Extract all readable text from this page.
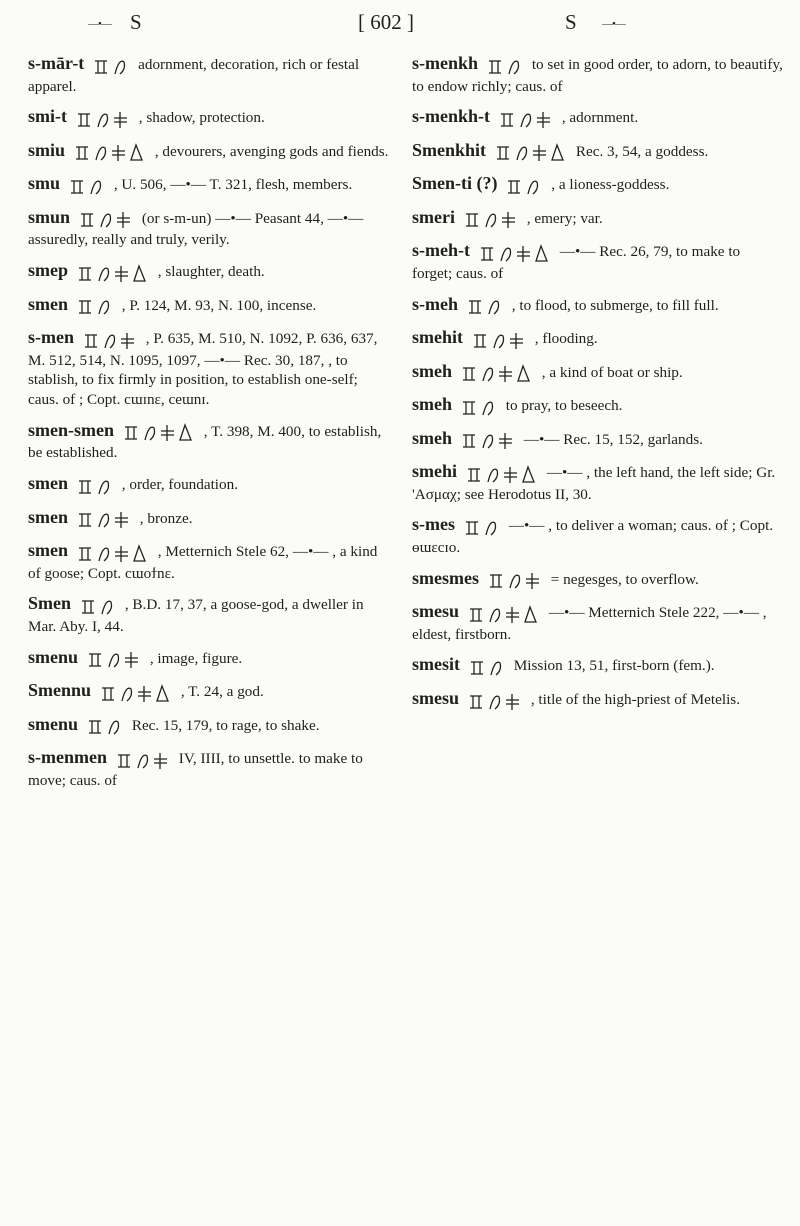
—•— S	[ 602 ]	S —•—
s-mār-t	adornment, decoration, rich or festal apparel.
smi-t	, shadow, protection.
smiu	, devourers, avenging gods and fiends.
smu	, U. 506, —•— T. 321, flesh, members.
smun	(or s-m-un) —•— Peasant 44, —•— assuredly, really and truly, verily.
smep	, slaughter, death.
smen	, P. 124, M. 93, N. 100, incense.
s-men	, P. 635, M. 510, N. 1092, P. 636, 637, M. 512, 514, N. 1095, 1097, —•— Rec. 30, 187, , to stablish, to fix firmly in position, to establish one-self; caus. of ; Copt. cɯɪnɛ, ceɯnɪ.
smen-smen	, T. 398, M. 400, to establish, be established.
smen	, order, foundation.
smen	, bronze.
smen	, Metternich Stele 62, —•— , a kind of goose; Copt. cɯoϯnɛ.
Smen	, B.D. 17, 37, a goose-god, a dweller in Mar. Aby. I, 44.
smenu	, image, figure.
Smennu	, T. 24, a god.
smenu	Rec. 15, 179, to rage, to shake.
s-menmen	IV, IIII, to unsettle. to make to move; caus. of
s-menkh	to set in good order, to adorn, to beautify, to endow richly; caus. of
s-menkh-t	, adornment.
Smenkhit	Rec. 3, 54, a goddess.
Smen-ti (?)	, a lioness-goddess.
smeri	, emery; var.
s-meh-t	—•— Rec. 26, 79, to make to forget; caus. of
s-meh	, to flood, to submerge, to fill full.
smehit	, flooding.
smeh	, a kind of boat or ship.
smeh	to pray, to beseech.
smeh	—•— Rec. 15, 152, garlands.
smehi	—•— , the left hand, the left side; Gr. 'Aσμαχ; see Herodotus II, 30.
s-mes	—•— , to deliver a woman; caus. of ; Copt. ɵɯɛcɪo.
smesmes	= negesges, to overflow.
smesu	—•— Metternich Stele 222, —•— , eldest, firstborn.
smesit	Mission 13, 51, first-born (fem.).
smesu	, title of the high-priest of Metelis.
